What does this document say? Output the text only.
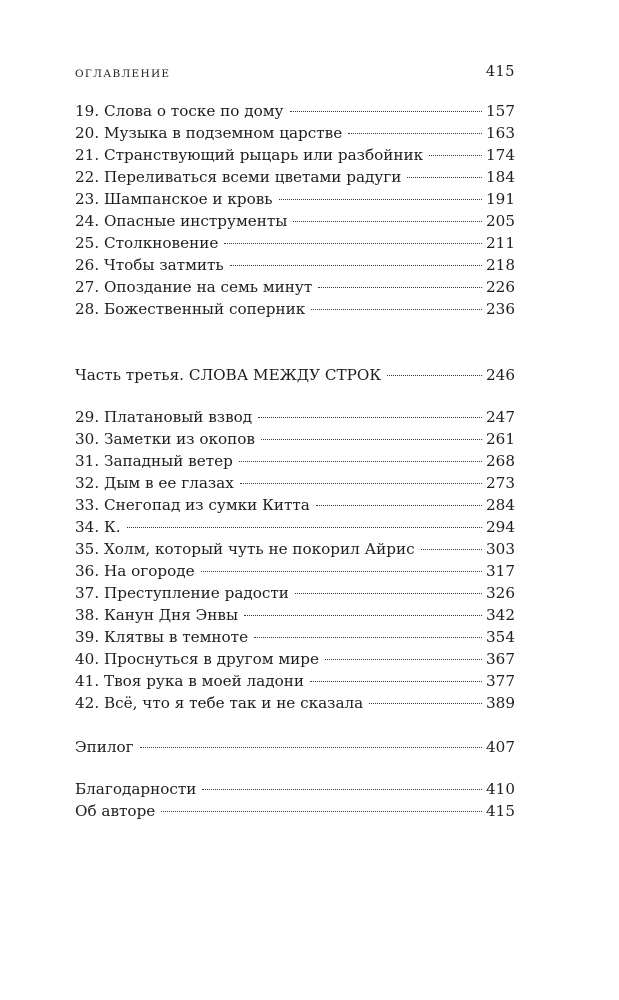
ОГЛАВЛЕНИЕ	415
19. Слова о тоске по дому	157
20. Музыка в подземном царстве	163
21. Странствующий рыцарь или разбойник	174
22. Переливаться всеми цветами радуги	184
23. Шампанское и кровь	191
24. Опасные инструменты	205
25. Столкновение	211
26. Чтобы затмить	218
27. Опоздание на семь минут	226
28. Божественный соперник	236
Часть третья. СЛОВА МЕЖДУ СТРОК	246
29. Платановый взвод	247
30. Заметки из окопов	261
31. Западный ветер	268
32. Дым в ее глазах	273
33. Снегопад из сумки Китта	284
34. К.	294
35. Холм, который чуть не покорил Айрис	303
36. На огороде	317
37. Преступление радости	326
38. Канун Дня Энвы	342
39. Клятвы в темноте	354
40. Проснуться в другом мире	367
41. Твоя рука в моей ладони	377
42. Всё, что я тебе так и не сказала	389
Эпилог	407
Благодарности	410
Об авторе	415
